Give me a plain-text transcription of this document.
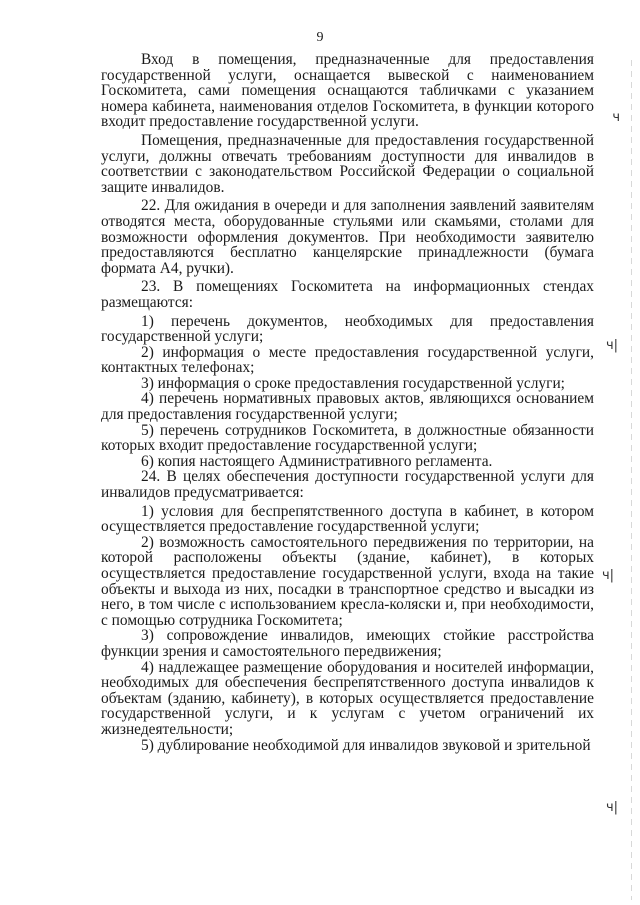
9

Вход в помещения, предназначенные для предоставления государственной услуги, оснащается вывеской с наименованием Госкомитета, сами помещения оснащаются табличками с указанием номера кабинета, наименования отделов Госкомитета, в функции которого входит предоставление государственной услуги.

Помещения, предназначенные для предоставления государственной услуги, должны отвечать требованиям доступности для инвалидов в соответствии с законодательством Российской Федерации о социальной защите инвалидов.

22. Для ожидания в очереди и для заполнения заявлений заявителям отводятся места, оборудованные стульями или скамьями, столами для возможности оформления документов. При необходимости заявителю предоставляются бесплатно канцелярские принадлежности (бумага формата А4, ручки).

23. В помещениях Госкомитета на информационных стендах размещаются:

1) перечень документов, необходимых для предоставления государственной услуги;

2) информация о месте предоставления государственной услуги, контактных телефонах;

3) информация о сроке предоставления государственной услуги;

4) перечень нормативных правовых актов, являющихся основанием для предоставления государственной услуги;

5) перечень сотрудников Госкомитета, в должностные обязанности которых входит предоставление государственной услуги;

6) копия настоящего Административного регламента.

24. В целях обеспечения доступности государственной услуги для инвалидов предусматривается:

1) условия для беспрепятственного доступа в кабинет, в котором осуществляется предоставление государственной услуги;

2) возможность самостоятельного передвижения по территории, на которой расположены объекты (здание, кабинет), в которых осуществляется предоставление государственной услуги, входа на такие объекты и выхода из них, посадки в транспортное средство и высадки из него, в том числе с использованием кресла-коляски и, при необходимости, с помощью сотрудника Госкомитета;

3) сопровождение инвалидов, имеющих стойкие расстройства функции зрения и самостоятельного передвижения;

4) надлежащее размещение оборудования и носителей информации, необходимых для обеспечения беспрепятственного доступа инвалидов к объектам (зданию, кабинету), в которых осуществляется предоставление государственной услуги, и к услугам с учетом ограничений их жизнедеятельности;

5) дублирование необходимой для инвалидов звуковой и зрительной

ч
ч|
ч|
ч|
